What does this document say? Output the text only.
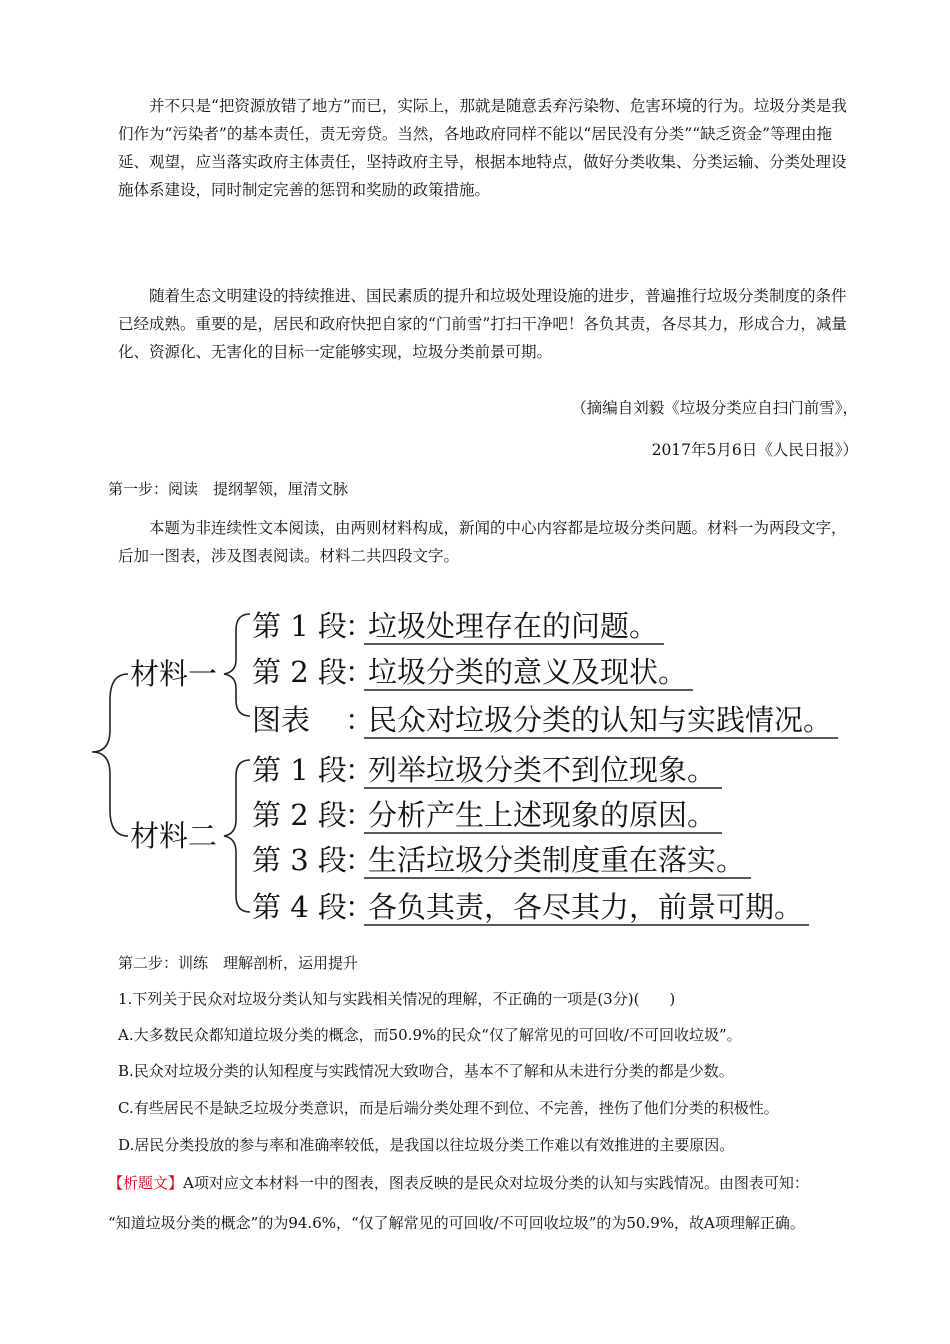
并不只是“把资源放错了地方”而已，实际上，那就是随意丢弃污染物、危害环境的行为。垃圾分类是我们作为“污染者”的基本责任，责无旁贷。当然，各地政府同样不能以“居民没有分类”“缺乏资金”等理由拖延、观望，应当落实政府主体责任，坚持政府主导，根据本地特点，做好分类收集、分类运输、分类处理设施体系建设，同时制定完善的惩罚和奖励的政策措施。

随着生态文明建设的持续推进、国民素质的提升和垃圾处理设施的进步，普遍推行垃圾分类制度的条件已经成熟。重要的是，居民和政府快把自家的“门前雪”打扫干净吧！各负其责，各尽其力，形成合力，减量化、资源化、无害化的目标一定能够实现，垃圾分类前景可期。

（摘编自刘毅《垃圾分类应自扫门前雪》，

2017年5月6日《人民日报》）

第一步：阅读　提纲挈领，厘清文脉

本题为非连续性文本阅读，由两则材料构成，新闻的中心内容都是垃圾分类问题。材料一为两段文字，后加一图表，涉及图表阅读。材料二共四段文字。

材料一
第 1 段
：
垃圾处理存在的问题。
第 2 段
：
垃圾分类的意义及现状。
图表 ：
民众对垃圾分类的认知与实践情况。
材料二
第 1 段
：
列举垃圾分类不到位现象。
第 2 段
：
分析产生上述现象的原因。
第 3 段
：
生活垃圾分类制度重在落实。
第 4 段
：
各负其责，各尽其力，前景可期。

第二步：训练　理解剖析，运用提升

1.下列关于民众对垃圾分类认知与实践相关情况的理解，不正确的一项是(3分)(　　)

A.大多数民众都知道垃圾分类的概念，而50.9%的民众“仅了解常见的可回收/不可回收垃圾”。

B.民众对垃圾分类的认知程度与实践情况大致吻合，基本不了解和从未进行分类的都是少数。

C.有些居民不是缺乏垃圾分类意识，而是后端分类处理不到位、不完善，挫伤了他们分类的积极性。

D.居民分类投放的参与率和准确率较低，是我国以往垃圾分类工作难以有效推进的主要原因。

【析题文】A项对应文本材料一中的图表，图表反映的是民众对垃圾分类的认知与实践情况。由图表可知：

“知道垃圾分类的概念”的为94.6%，“仅了解常见的可回收/不可回收垃圾”的为50.9%，故A项理解正确。
